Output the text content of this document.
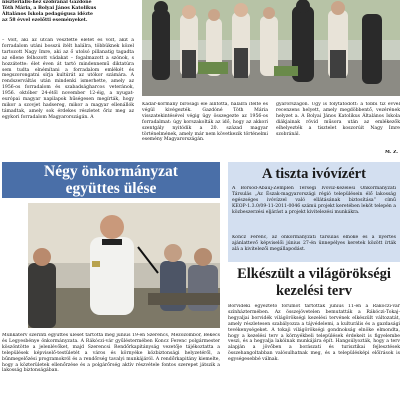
niszteriális‑hez szobránál Gazdóné

Tóth Mária, a Bolyai János Katolikus

Általános Iskola pedagógusa idézte

az 58 évvel ezelőtti eseményeket.

– Volt, aki az utcán vesztette életét és volt, akit a forradalom utáni bosszú ítélt halálra, többüknek közel tartozott Nagy Imre, aki az ő utolsó pillanatig tagadta az ellene felhozott vádakat – fogalmazott a szónok, s hozzátette: élet éven át tartó mindennemű diktatúra sem tudta elnémítani a forradalom emlékét és megszorongatni sírja kultúrát az utókor számára. A rendszerváltás után mindenki ismerhette, amely az 1956-os forradalom és szabadságharcos veteránok, 1956. október 24-étől november 12-éig, a nyugat-európai magyar napilapok hűségesen megírták, hogy mikor a szovjet hadsereg, mikor a magyar ellenállók támadtak, amely sok érdekes részletet őriz meg az egykori forradalom Magyarországán. A
Kádár-kormány bírósági elé állította, halálra ítélte és végül kivégezték. Gazdóné Tóth Mária visszatekintésével végig ügy összegezte az 1956-os forradalmat: úgy korszakolták az idő, hogy az akkori szentgály nyitódik a 20. század magyar történelmének, amely már nem következik történelmi esemény Magyarországán.
gyarországon. Úgy is folytatódott: a többi tíz évvel recenzens helyett, amely megdöbbentő, vezérének helyzet a. A Bolyai János Katolikus Általános Iskola diákjainak rövid műsora után az emlékezők elhelyezték a tisztelet koszorúit Nagy Imre szobránál.
M. Z.
Négy önkormányzat
együttes ülése
Munkaterv szerinti együttes ülését tartotta meg június 19-én Szerencs, Mezőzombor, Bekecs és Legyesbénye önkormányzata. A Rákóczi-vár gyűléstermében Koncz Ferenc polgármester köszöntötte a jelenlévőket, majd Szerencsi Rendőrkapitányság vezetője tájékoztatta a települések képviselő-testületét a város és környéke közbiztonsági helyzetéről, a bűnmegelőzési programokról és a rendőrség tavalyi munkájáról. A rendőrkapitány kiemelte, hogy a közterületek ellenőrzése és a polgárőrség aktív részvétele fontos szerepet játszik a lakosság biztonságában.
A tiszta ivóvízért
A Borsod‑Abaúj‑Zemplén Térségi Ivóvíz-kezelési Önkormányzati Társulás „Az Észak-magyarországi régió településein élő lakosság egészséges ivóvízzel való ellátásának biztosítása” című KEOP‑1.3.0/09‑11‑2011‑0046 számú projekt keretében leköt telepén a közbeszerzési eljárást a projekt kivitelezési munkákra.
Koncz Ferenc, az önkormányzati társulás elnöke és a nyertes ajánlattevő képviselői június 27-én ünnepélyes keretek között írták alá a kivitelezői megállapodást.
Elkészült a világörökségi
kezelési terv
Borvidéki egyeztető fórumot tartottak június 11-én a Rákóczi-vár színháztermében. Az összejövetelen bemutatták a Rákóczi-Tokaj-hegyaljai borvidék világörökségi kezelési tervének elkészült változatát, amely részletesen szabályozza a tájvédelemi, a kulturális és a gazdasági tevékenységeket. A tokaji világörökségi gondnokság elnöke elmondta, hogy a kezelési terv a környékbeli települések érdekeit is figyelembe veszi, és a hegyalja lakóinak munkájára épít. Hangsúlyozták, hogy a terv alapján a jövőben a borászati és turisztikai fejlesztések összehangoltabban valósulhatnak meg, és a településképi előírások is egységesebbé válnak.
